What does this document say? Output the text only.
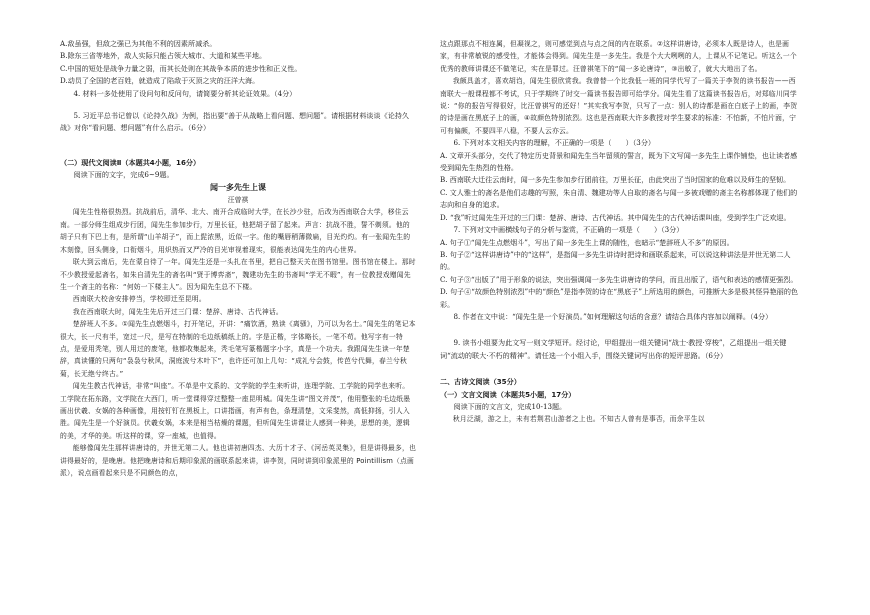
A.敌虽强，但敌之强已为其他不利的因素所减杀。

B.除东三省等地外，敌人实际只能占领大城市、大道和某些平地。

C.中国的短处是战争力量之弱，而其长处则在其战争本质的进步性和正义性。

D.动员了全国的老百姓，就造成了陷敌于灭顶之灾的汪洋大海。

4. 材料一多处使用了设问句和反问句，请简要分析其论证效果。（4分）

5. 习近平总书记曾以《论持久战》为例，指出要“善于从战略上看问题、想问题”。请根据材料谈谈《论持久战》对你“看问题、想问题”有什么启示。（6分）

（二）现代文阅读Ⅱ（本题共4小题，16分）

阅读下面的文字，完成6~9题。

闻一多先生上课

汪曾祺

闻先生性格很热烈。抗战前后，清华、北大、南开合成临时大学，在长沙少驻，后改为西南联合大学，移住云南。一部分师生组成步行团，闻先生参加步行，万里长征，他把胡子留了起来。声言：抗战不胜，誓不剃须。他的胡子只有下巴上有，是所谓“山羊胡子”，而上髭浓黑，近似一字。他的嘴唇稍薄微扁，目光灼灼。有一张闻先生的木刻像，回头侧身，口衔烟斗，用炽热而又严冷的目光审视着现实，很能表达闻先生的内心世界。

联大到云南后，先在蒙自待了一年。闻先生还是一头扎在书里，把自己整天关在图书馆里。图书馆在楼上。那时不少教授爱起斋名，如朱自清先生的斋名叫“贤于博弈斋”，魏建功先生的书斋叫“学无不暇”，有一位教授戏赠闻先生一个斋主的名称：“何妨一下楼主人”。因为闻先生总不下楼。

西南联大校舍安排停当，学校即迁至昆明。

我在西南联大时，闻先生先后开过三门课：楚辞、唐诗、古代神话。

楚辞班人不多。①闻先生点燃烟斗，打开笔记，开讲：“痛饮酒，熟读《离骚》，乃可以为名士。”闻先生的笔记本很大，长一尺有半，宽过一尺，是写在特制的毛边纸稿纸上的。字是正楷，字体略长，一笔不苟。他写字有一特点，是爱用秃笔，别人用过的废笔，他都收集起来，秃毛笔写篆楷题字小字，真是一个功夫。我跟闻先生读一年楚辞，真读懂的只两句“袅袅兮秋风，洞庭波兮木叶下”，也许还可加上几句：“成礼兮会鼓，传芭兮代舞，春兰兮秋菊，长无绝兮终古。”

闻先生教古代神话，非常“叫座”。不单是中文系的、文学院的学生来听讲，连理学院、工学院的同学也来听。工学院在拓东路，文学院在大西门，听一堂课得穿过整整一座昆明城。闻先生讲“图文并茂”，他用整张的毛边纸墨画出伏羲、女娲的各种画像，用按钉钉在黑板上，口讲指画，有声有色，条理清楚，文采斐然，高低抑扬，引人入胜。闻先生是一个好演员。伏羲女娲，本来是相当枯燥的课题，但听闻先生讲课让人感到一种美，思想的美，逻辑的美，才华的美。听这样的课，穿一座城，也值得。

能够像闻先生那样讲唐诗的，并世无第二人。他也讲初唐四杰、大历十才子、《河岳英灵集》，但是讲得最多，也讲得最好的，是晚唐。他把晚唐诗和后期印象派的画联系起来讲，讲李贺，同时讲到印象派里的 Pointillism（点画派），说点画看起来只是不同颜色的点，

这点跟那点不相连属，但凝视之，则可感觉到点与点之间的内在联系。②这样讲唐诗，必须本人既是诗人，也是画家，有非常敏锐的感受性，才能体会得到。闻先生是一多先生。我是个大大咧咧的人，上课从不记笔记。听这么一个优秀的教师讲课还不做笔记，实在是罪过。汪曾祺笔下的“闻一多论唐诗”，③出敏了，就大大地出了名。

我颇具盖才，喜欢胡诌，闻先生很欣赏我。我曾替一个比我低一班的同学代写了一篇关于李贺的读书报告——西南联大一般课程都不考试，只于学期终了时交一篇读书报告即可给学分。闻先生看了这篇读书报告后，对郑临川同学说：“你的报告写得很好，比汪曾祺写的还好！”其实我写李贺，只写了一点：别人的诗都是画在白底子上的画，李贺的诗是画在黑底子上的画，④故颜色特别浓烈。这也是西南联大许多教授对学生要求的标准：不怕新，不怕片面，宁可有偏颇，不要四平八稳，不要人云亦云。

6. 下列对本文相关内容的理解，不正确的一项是（　　）（3分）

A. 文章开头部分，交代了特定历史背景和闻先生当年留须的誓言，既为下文写闻一多先生上课作铺垫，也让读者感受到闻先生热烈的性格。

B. 西南联大迁往云南时，闻一多先生参加步行团前往，万里长征，由此突出了当时国家的危难以及师生的坚韧。

C. 文人雅士的斋名是他们志趣的写照，朱自清、魏建功等人自取的斋名与闻一多被戏赠的斋主名称都体现了他们的志向和自身的追求。

D. “我”听过闻先生开过的三门课：楚辞、唐诗、古代神话。其中闻先生的古代神话课叫座，受到学生广泛欢迎。

7. 下列对文中画横线句子的分析与鉴赏，不正确的一项是（　　）（3分）

A. 句子①“闻先生点燃烟斗”，写出了闻一多先生上课的随性，也暗示“楚辞班人不多”的原因。

B. 句子②“这样讲唐诗”中的“这样”，是指闻一多先生讲诗时把诗和画联系起来，可以说这种讲法是并世无第二人的。

C. 句子③“出版了”用于形象的说法，突出强调闻一多先生讲唐诗的学问，而且出版了，语气和表达的感情更强烈。

D. 句子④“故颜色特别浓烈”中的“颜色”是指李贺的诗在“黑底子”上所选用的颜色，可推断大多是极其怪异艳丽的色彩。

8. 作者在文中说：“闻先生是一个好演员。”如何理解这句话的含意？请结合具体内容加以阐释。（4分）

9. 读书小组要为此文写一则文学短评。经讨论，甲组提出一组关键词“战士·教授·穿梭”，乙组提出一组关键词“流动的联大·不朽的精神”。请任选一个小组入手，围绕关键词写出你的短评思路。（6分）

二、古诗文阅读（35分）

（一）文言文阅读（本题共5小题，17分）

阅读下面的文言文，完成10-13题。

秋月泛湖，游之上，未有若荆君山游者之上也。不知古人曾有是事否，而余平生以
